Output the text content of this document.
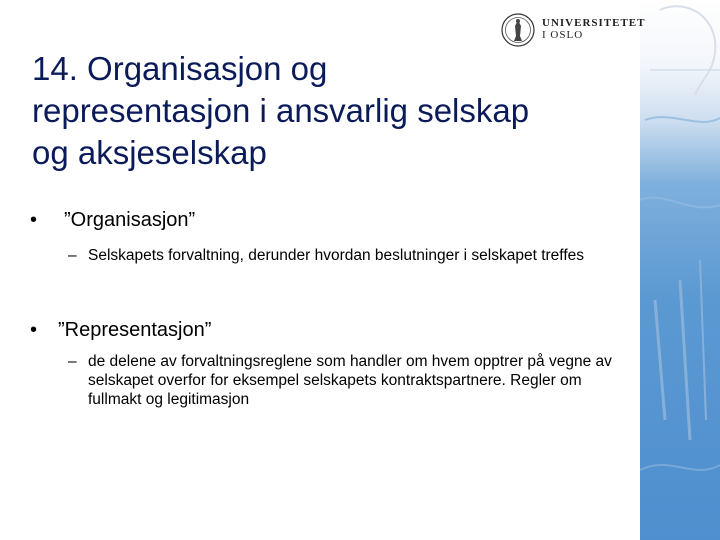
UNIVERSITETET
I OSLO
14. Organisasjon og
representasjon i ansvarlig selskap
og aksjeselskap
•	”Organisasjon”
– Selskapets forvaltning, derunder hvordan beslutninger i selskapet treffes
•	”Representasjon”
– de delene av forvaltningsreglene som handler om hvem opptrer på vegne av selskapet overfor for eksempel selskapets kontraktspartnere. Regler om fullmakt og legitimasjon
